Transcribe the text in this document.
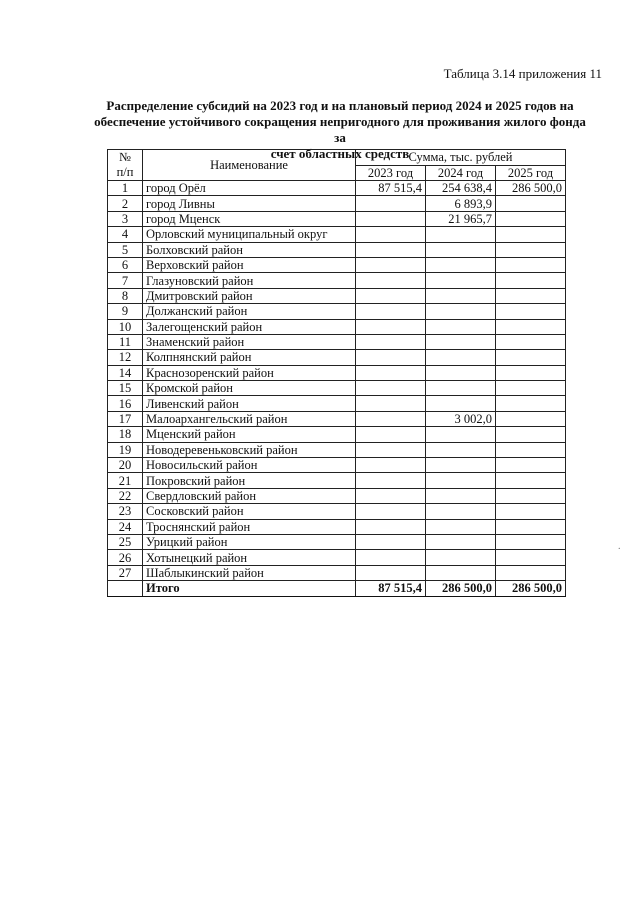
Таблица 3.14 приложения 11
Распределение субсидий на 2023 год и на плановый период 2024 и 2025 годов на
обеспечение устойчивого сокращения непригодного для проживания жилого фонда за
счет областных средств
№
п/п	Наименование	Сумма, тыс. рублей		
		2023 год	2024 год	2025 год
1	город Орёл	87 515,4	254 638,4	286 500,0
2	город Ливны		6 893,9	
3	город Мценск		21 965,7	
4	Орловский муниципальный округ			
5	Болховский район			
6	Верховский район			
7	Глазуновский район			
8	Дмитровский район			
9	Должанский район			
10	Залегощенский район			
11	Знаменский район			
12	Колпнянский район			
14	Краснозоренский район			
15	Кромской район			
16	Ливенский район			
17	Малоархангельский район		3 002,0	
18	Мценский район			
19	Новодеревеньковский район			
20	Новосильский район			
21	Покровский район			
22	Свердловский район			
23	Сосковский район			
24	Троснянский район			
25	Урицкий район			
26	Хотынецкий район			
27	Шаблыкинский район			
	Итого	87 515,4	286 500,0	286 500,0
.
